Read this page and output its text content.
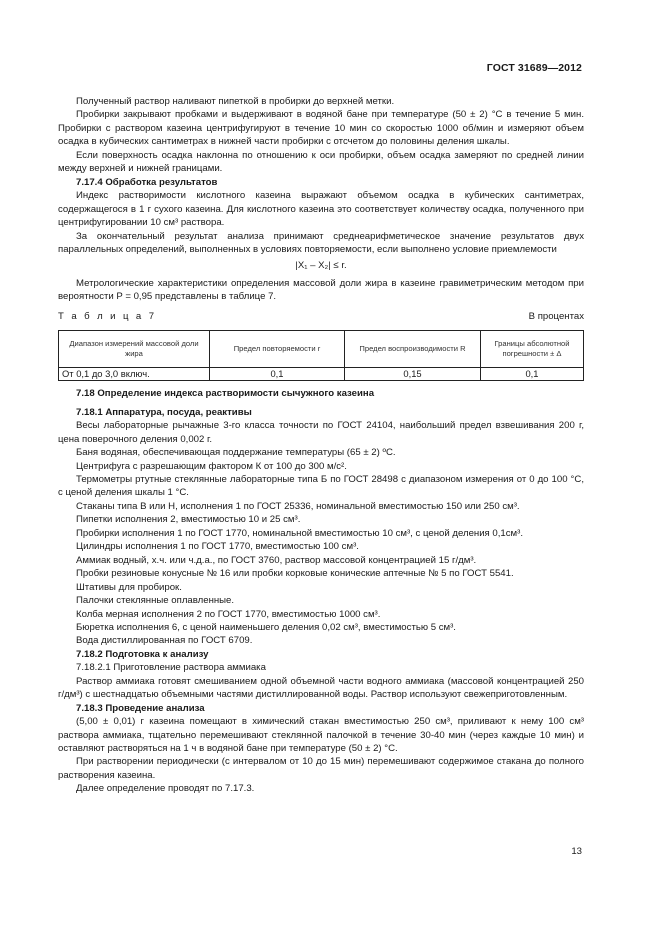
ГОСТ 31689—2012

Полученный раствор наливают пипеткой в пробирки до верхней метки.

Пробирки закрывают пробками и выдерживают в водяной бане при температуре (50 ± 2) °С в течение 5 мин. Пробирки с раствором казеина центрифугируют в течение 10 мин со скоростью 1000 об/мин и измеряют объем осадка в кубических сантиметрах в нижней части пробирки с отсчетом до половины деления шкалы.

Если поверхность осадка наклонна по отношению к оси пробирки, объем осадка замеряют по средней линии между верхней и нижней границами.

7.17.4 Обработка результатов

Индекс растворимости кислотного казеина выражают объемом осадка в кубических сантиметрах, содержащегося в 1 г сухого казеина. Для кислотного казеина это соответствует количеству осадка, полученного при центрифугировании 10 см³ раствора.

За окончательный результат анализа принимают среднеарифметическое значение результатов двух параллельных определений, выполненных в условиях повторяемости, если выполнено условие приемлемости

|X₁ – X₂| ≤ r.

Метрологические характеристики определения массовой доли жира в казеине гравиметрическим методом при вероятности P = 0,95 представлены в таблице 7.

Т а б л и ц а 7	В процентах
Диапазон измерений массовой доли жира	Предел повторяемости r	Предел воспроизводимости R	Границы абсолютной погрешности ± Δ
От 0,1 до 3,0 включ.	0,1	0,15	0,1

7.18 Определение индекса растворимости сычужного казеина

7.18.1 Аппаратура, посуда, реактивы

Весы лабораторные рычажные 3-го класса точности по ГОСТ 24104, наибольший предел взвешивания 200 г, цена поверочного деления 0,002 г.

Баня водяная, обеспечивающая поддержание температуры (65 ± 2) ºС.

Центрифуга с разрешающим фактором К от 100 до 300 м/с².

Термометры ртутные стеклянные лабораторные типа Б по ГОСТ 28498 с диапазоном измерения от 0 до 100 °С, с ценой деления шкалы 1 °С.

Стаканы типа В или Н, исполнения 1 по ГОСТ 25336, номинальной вместимостью 150 или 250 см³.

Пипетки исполнения 2, вместимостью 10 и 25 см³.

Пробирки исполнения 1 по ГОСТ 1770, номинальной вместимостью 10 см³, с ценой деления 0,1см³.

Цилиндры исполнения 1 по ГОСТ 1770, вместимостью 100 см³.

Аммиак водный, х.ч. или ч.д.а., по ГОСТ 3760, раствор массовой концентрацией 15 г/дм³.

Пробки резиновые конусные № 16 или пробки корковые конические аптечные № 5 по ГОСТ 5541.

Штативы для пробирок.

Палочки стеклянные оплавленные.

Колба мерная исполнения 2 по ГОСТ 1770, вместимостью 1000 см³.

Бюретка исполнения 6, с ценой наименьшего деления 0,02 см³, вместимостью 5 см³.

Вода дистиллированная по ГОСТ 6709.

7.18.2 Подготовка к анализу

7.18.2.1 Приготовление раствора аммиака

Раствор аммиака готовят смешиванием одной объемной части водного аммиака (массовой концентрацией 250 г/дм³) с шестнадцатью объемными частями дистиллированной воды. Раствор используют свежеприготовленным.

7.18.3 Проведение анализа

(5,00 ± 0,01) г казеина помещают в химический стакан вместимостью 250 см³, приливают к нему 100 см³ раствора аммиака, тщательно перемешивают стеклянной палочкой в течение 30-40 мин (через каждые 10 мин) и оставляют растворяться на 1 ч в водяной бане при температуре (50 ± 2) °С.

При растворении периодически (с интервалом от 10 до 15 мин) перемешивают содержимое стакана до полного растворения казеина.

Далее определение проводят по 7.17.3.

13
